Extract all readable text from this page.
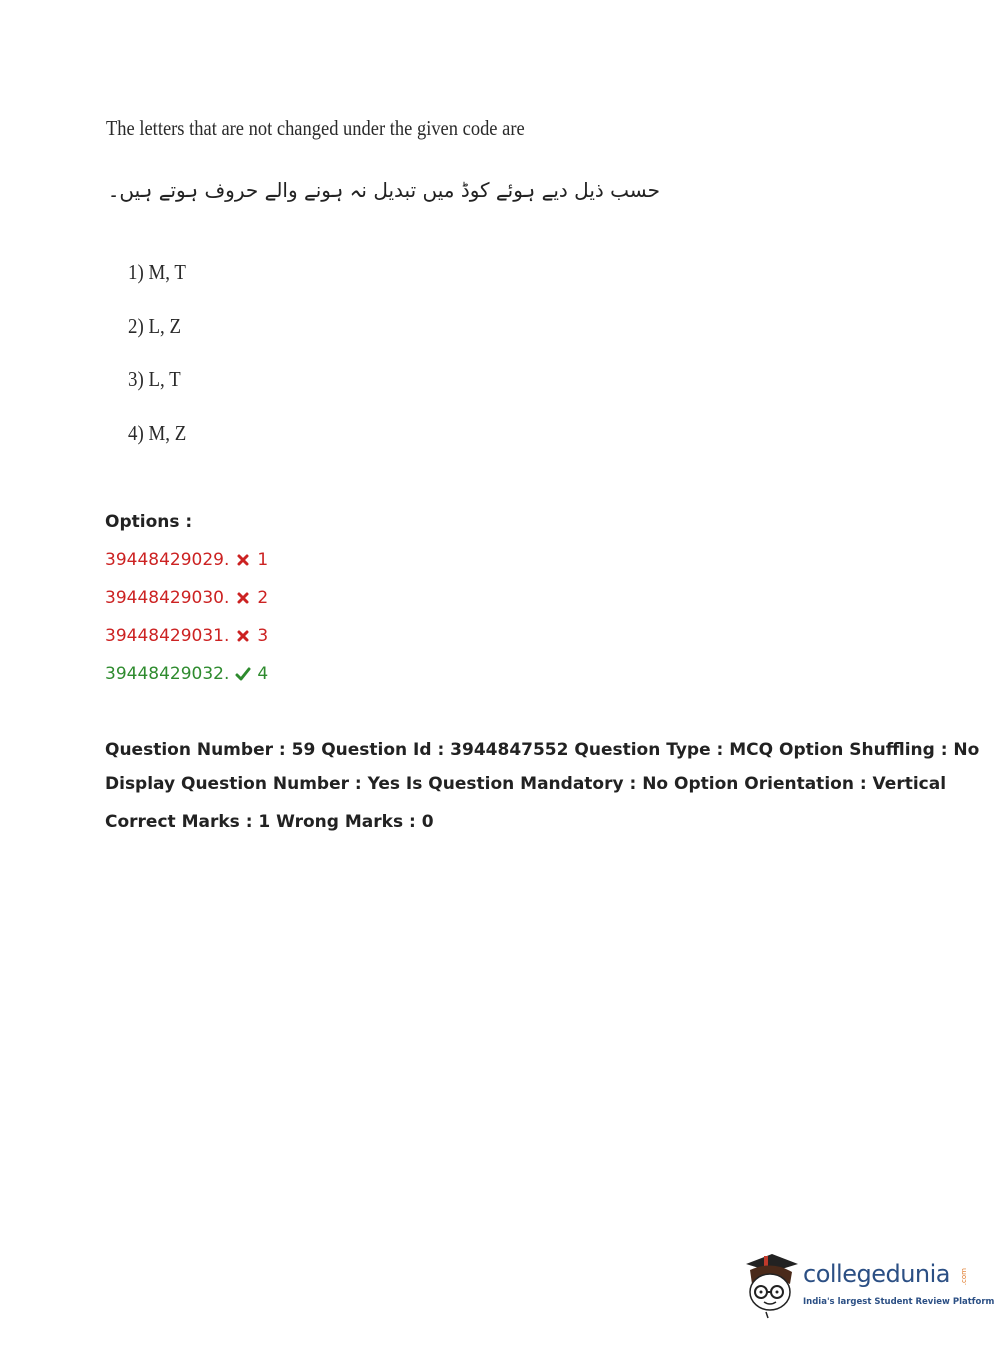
The letters that are not changed under the given code are
حسب ذیل دیے ہوئے کوڈ میں تبدیل نہ ہونے والے حروف ہوتے ہیں۔
1) M, T
2) L, Z
3) L, T
4) M, Z
Options :
39448429029. 1
39448429030. 2
39448429031. 3
39448429032. 4
Question Number : 59 Question Id : 3944847552 Question Type : MCQ Option Shuffling : No
Display Question Number : Yes Is Question Mandatory : No Option Orientation : Vertical
Correct Marks : 1 Wrong Marks : 0
collegedunia .com
India's largest Student Review Platform
